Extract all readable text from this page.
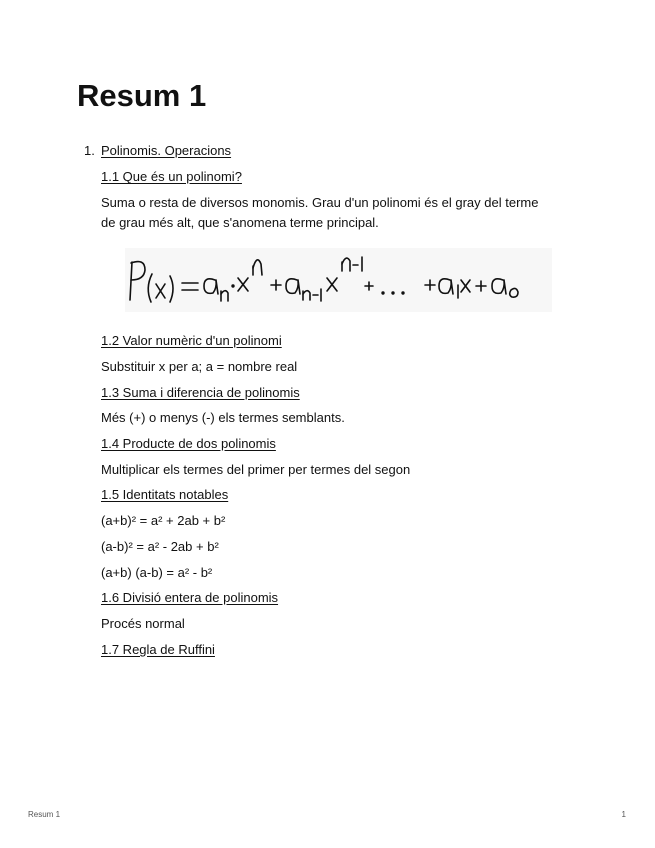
Resum 1
1. Polinomis. Operacions
1.1 Que és un polinomi?
Suma o resta de diversos monomis. Grau d'un polinomi és el gray del terme de grau més alt, que s'anomena terme principal.
1.2 Valor numèric d'un polinomi
Substituir x per a; a = nombre real
1.3 Suma i diferencia de polinomis
Més (+) o menys (-) els termes semblants.
1.4 Producte de dos polinomis
Multiplicar els termes del primer per termes del segon
1.5 Identitats notables
(a+b)² = a² + 2ab + b²
(a-b)² = a² - 2ab + b²
(a+b) (a-b) = a² - b²
1.6 Divisió entera de polinomis
Procés normal
1.7 Regla de Ruffini
Resum 1	1
